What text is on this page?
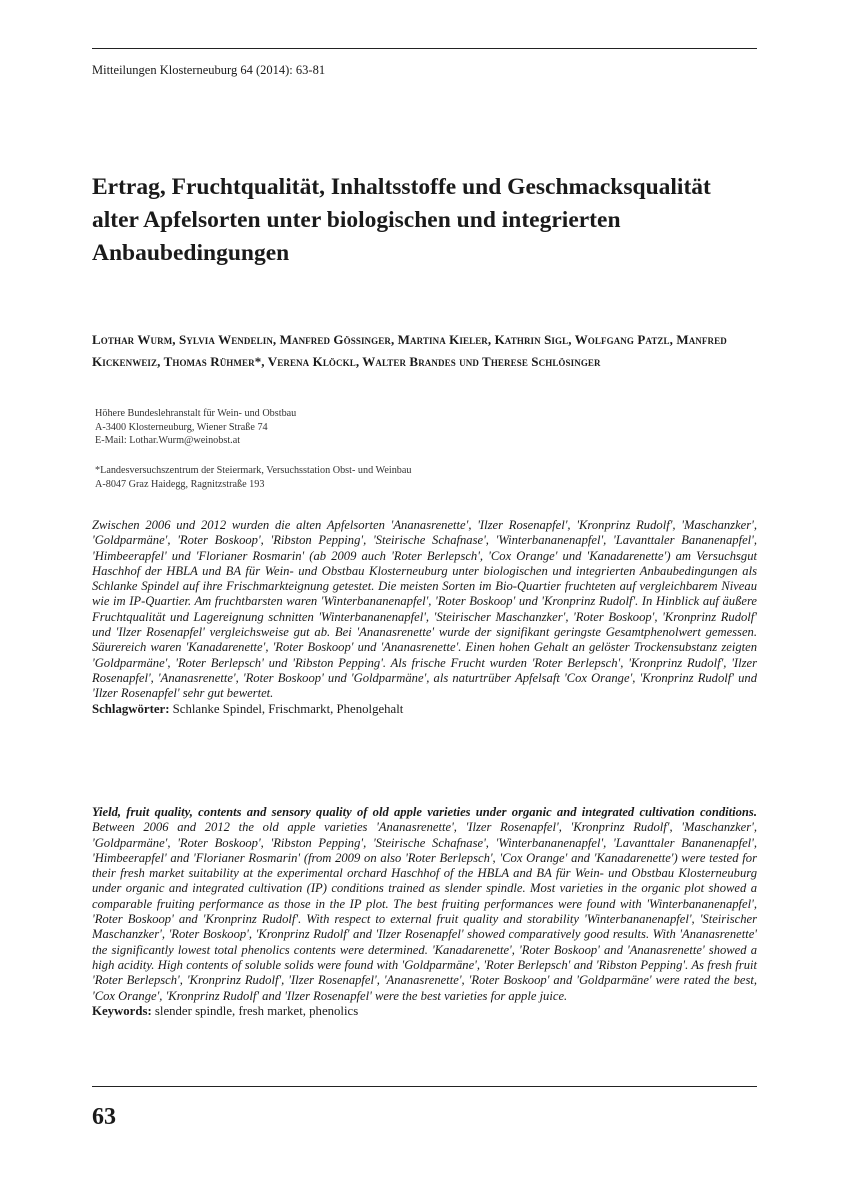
Mitteilungen Klosterneuburg 64 (2014): 63-81
Ertrag, Fruchtqualität, Inhaltsstoffe und Geschmacksqualität alter Apfelsorten unter biologischen und integrierten Anbaubedingungen

Lothar Wurm, Sylvia Wendelin, Manfred Gössinger, Martina Kieler, Kathrin Sigl, Wolfgang Patzl, Manfred Kickenweiz, Thomas Rühmer*, Verena Klöckl, Walter Brandes und Therese Schlösinger

Höhere Bundeslehranstalt für Wein- und Obstbau
A-3400 Klosterneuburg, Wiener Straße 74
E-Mail: Lothar.Wurm@weinobst.at
*Landesversuchszentrum der Steiermark, Versuchsstation Obst- und Weinbau
A-8047 Graz Haidegg, Ragnitzstraße 193
Zwischen 2006 und 2012 wurden die alten Apfelsorten 'Ananasrenette', 'Ilzer Rosenapfel', 'Kronprinz Rudolf', 'Maschanzker', 'Goldparmäne', 'Roter Boskoop', 'Ribston Pepping', 'Steirische Schafnase', 'Winterbananenapfel', 'Lavanttaler Bananenapfel', 'Himbeerapfel' und 'Florianer Rosmarin' (ab 2009 auch 'Roter Berlepsch', 'Cox Orange' und 'Kanadarenette') am Versuchsgut Haschhof der HBLA und BA für Wein- und Obstbau Klosterneuburg unter biologischen und integrierten Anbaubedingungen als Schlanke Spindel auf ihre Frischmarkteignung getestet. Die meisten Sorten im Bio-Quartier fruchteten auf vergleichbarem Niveau wie im IP-Quartier. Am fruchtbarsten waren 'Winterbananenapfel', 'Roter Boskoop' und 'Kronprinz Rudolf'. In Hinblick auf äußere Fruchtqualität und Lagereignung schnitten 'Winterbananenapfel', 'Steirischer Maschanzker', 'Roter Boskoop', 'Kronprinz Rudolf' und 'Ilzer Rosenapfel' vergleichsweise gut ab. Bei 'Ananasrenette' wurde der signifikant geringste Gesamtphenolwert gemessen. Säurereich waren 'Kanadarenette', 'Roter Boskoop' und 'Ananasrenette'. Einen hohen Gehalt an gelöster Trockensubstanz zeigten 'Goldparmäne', 'Roter Berlepsch' und 'Ribston Pepping'. Als frische Frucht wurden 'Roter Berlepsch', 'Kronprinz Rudolf', 'Ilzer Rosenapfel', 'Ananasrenette', 'Roter Boskoop' und 'Goldparmäne', als naturtrüber Apfelsaft 'Cox Orange', 'Kronprinz Rudolf' und 'Ilzer Rosenapfel' sehr gut bewertet.
Schlagwörter: Schlanke Spindel, Frischmarkt, Phenolgehalt
Yield, fruit quality, contents and sensory quality of old apple varieties under organic and integrated cultivation conditions. Between 2006 and 2012 the old apple varieties 'Ananasrenette', 'Ilzer Rosenapfel', 'Kronprinz Rudolf', 'Maschanzker', 'Goldparmäne', 'Roter Boskoop', 'Ribston Pepping', 'Steirische Schafnase', 'Winterbananenapfel', 'Lavanttaler Bananenapfel', 'Himbeerapfel' and 'Florianer Rosmarin' (from 2009 on also 'Roter Berlepsch', 'Cox Orange' and 'Kanadarenette') were tested for their fresh market suitability at the experimental orchard Haschhof of the HBLA and BA für Wein- und Obstbau Klosterneuburg under organic and integrated cultivation (IP) conditions trained as slender spindle. Most varieties in the organic plot showed a comparable fruiting performance as those in the IP plot. The best fruiting performances were found with 'Winterbananenapfel', 'Roter Boskoop' and 'Kronprinz Rudolf'. With respect to external fruit quality and storability 'Winterbananenapfel', 'Steirischer Maschanzker', 'Roter Boskoop', 'Kronprinz Rudolf' and 'Ilzer Rosenapfel' showed comparatively good results. With 'Ananasrenette' the significantly lowest total phenolics contents were determined. 'Kanadarenette', 'Roter Boskoop' and 'Ananasrenette' showed a high acidity. High contents of soluble solids were found with 'Goldparmäne', 'Roter Berlepsch' and 'Ribston Pepping'. As fresh fruit 'Roter Berlepsch', 'Kronprinz Rudolf', 'Ilzer Rosenapfel', 'Ananasrenette', 'Roter Boskoop' and 'Goldparmäne' were rated the best, 'Cox Orange', 'Kronprinz Rudolf' and 'Ilzer Rosenapfel' were the best varieties for apple juice.
Keywords: slender spindle, fresh market, phenolics
63
